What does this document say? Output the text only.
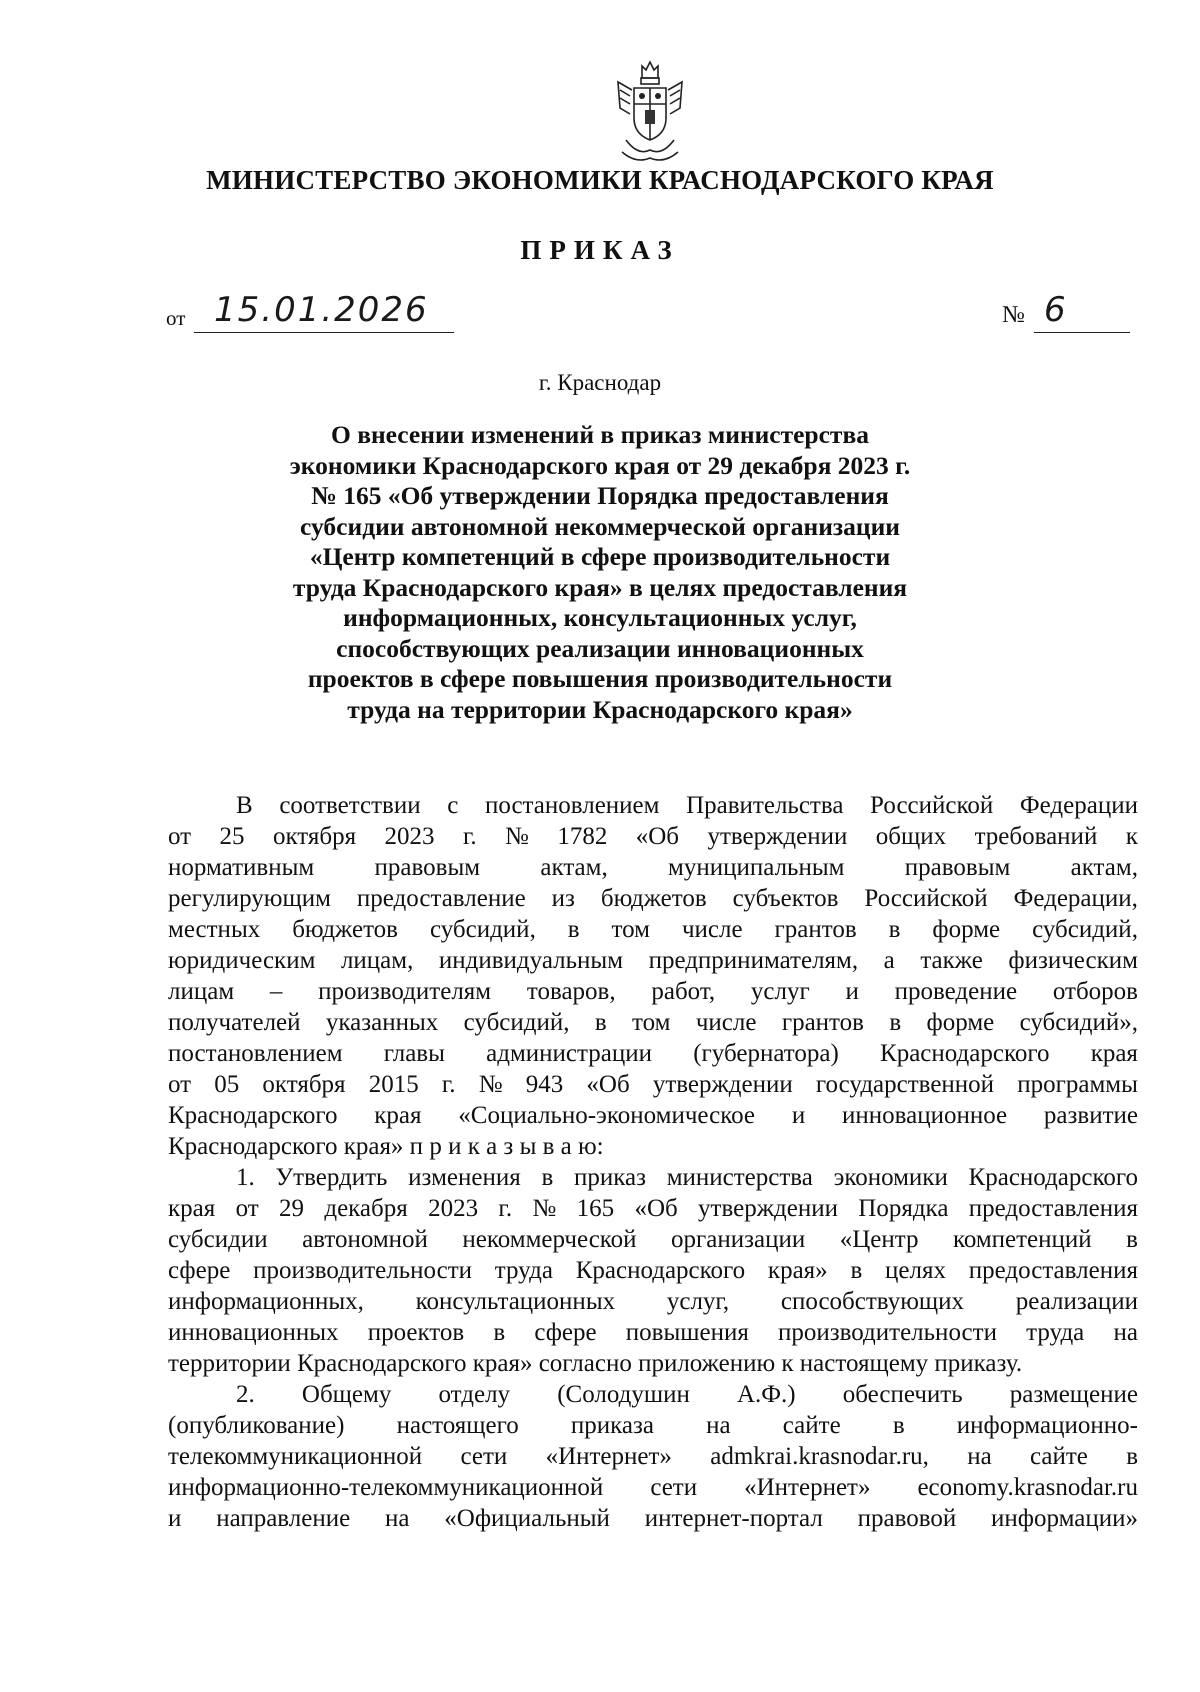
МИНИСТЕРСТВО ЭКОНОМИКИ КРАСНОДАРСКОГО КРАЯ
ПРИКАЗ
от 15.01.2026	№ 6
г. Краснодар
О внесении изменений в приказ министерства
экономики Краснодарского края от 29 декабря 2023 г.
№ 165 «Об утверждении Порядка предоставления
субсидии автономной некоммерческой организации
«Центр компетенций в сфере производительности
труда Краснодарского края» в целях предоставления
информационных, консультационных услуг,
способствующих реализации инновационных
проектов в сфере повышения производительности
труда на территории Краснодарского края»
В соответствии с постановлением Правительства Российской Федерации
от 25 октября 2023 г. № 1782 «Об утверждении общих требований к
нормативным правовым актам, муниципальным правовым актам,
регулирующим предоставление из бюджетов субъектов Российской Федерации,
местных бюджетов субсидий, в том числе грантов в форме субсидий,
юридическим лицам, индивидуальным предпринимателям, а также физическим
лицам – производителям товаров, работ, услуг и проведение отборов
получателей указанных субсидий, в том числе грантов в форме субсидий»,
постановлением главы администрации (губернатора) Краснодарского края
от 05 октября 2015 г. № 943 «Об утверждении государственной программы
Краснодарского края «Социально-экономическое и инновационное развитие
Краснодарского края» п р и к а з ы в а ю:
1. Утвердить изменения в приказ министерства экономики Краснодарского
края от 29 декабря 2023 г. № 165 «Об утверждении Порядка предоставления
субсидии автономной некоммерческой организации «Центр компетенций в
сфере производительности труда Краснодарского края» в целях предоставления
информационных, консультационных услуг, способствующих реализации
инновационных проектов в сфере повышения производительности труда на
территории Краснодарского края» согласно приложению к настоящему приказу.
2. Общему отделу (Солодушин А.Ф.) обеспечить размещение
(опубликование) настоящего приказа на сайте в информационно-
телекоммуникационной сети «Интернет» admkrai.krasnodar.ru, на сайте в
информационно-телекоммуникационной сети «Интернет» economy.krasnodar.ru
и направление на «Официальный интернет-портал правовой информации»
